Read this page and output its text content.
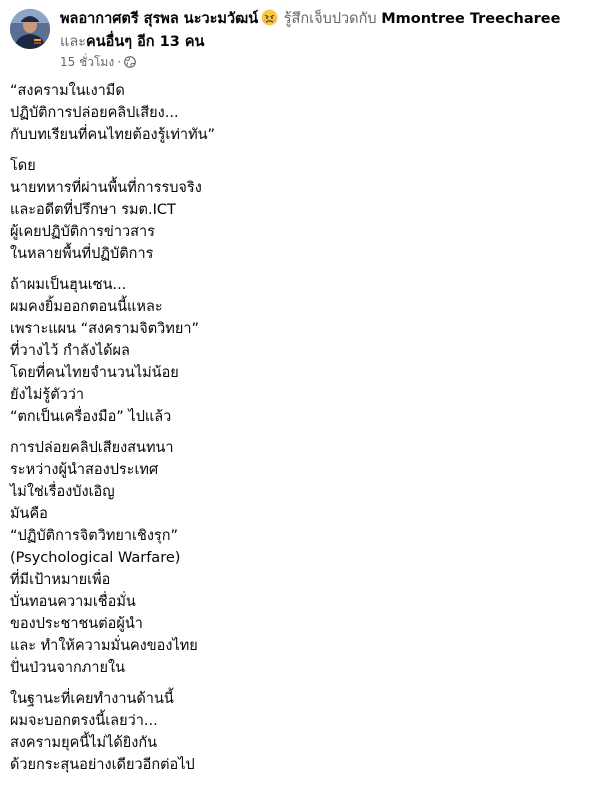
พลอากาศตรี สุรพล นะวะมวัฒน์ รู้สึกเจ็บปวดกับ Mmontree Treecharee
และคนอื่นๆ อีก 13 คน
15 ชั่วโมง ·
“สงครามในเงามืด
ปฏิบัติการปล่อยคลิปเสียง...
กับบทเรียนที่คนไทยต้องรู้เท่าทัน”
โดย
นายทหารที่ผ่านพื้นที่การรบจริง
และอดีตที่ปรึกษา รมต.ICT
ผู้เคยปฏิบัติการข่าวสาร
ในหลายพื้นที่ปฏิบัติการ
ถ้าผมเป็นฮุนเซน...
ผมคงยิ้มออกตอนนี้แหละ
เพราะแผน “สงครามจิตวิทยา”
ที่วางไว้ กำลังได้ผล
โดยที่คนไทยจำนวนไม่น้อย
ยังไม่รู้ตัวว่า
“ตกเป็นเครื่องมือ” ไปแล้ว
การปล่อยคลิปเสียงสนทนา
ระหว่างผู้นำสองประเทศ
ไม่ใช่เรื่องบังเอิญ
มันคือ
“ปฏิบัติการจิตวิทยาเชิงรุก”
(Psychological Warfare)
ที่มีเป้าหมายเพื่อ
บั่นทอนความเชื่อมั่น
ของประชาชนต่อผู้นำ
และ ทำให้ความมั่นคงของไทย
ปั่นป่วนจากภายใน
ในฐานะที่เคยทำงานด้านนี้
ผมจะบอกตรงนี้เลยว่า...
สงครามยุคนี้ไม่ได้ยิงกัน
ด้วยกระสุนอย่างเดียวอีกต่อไป
